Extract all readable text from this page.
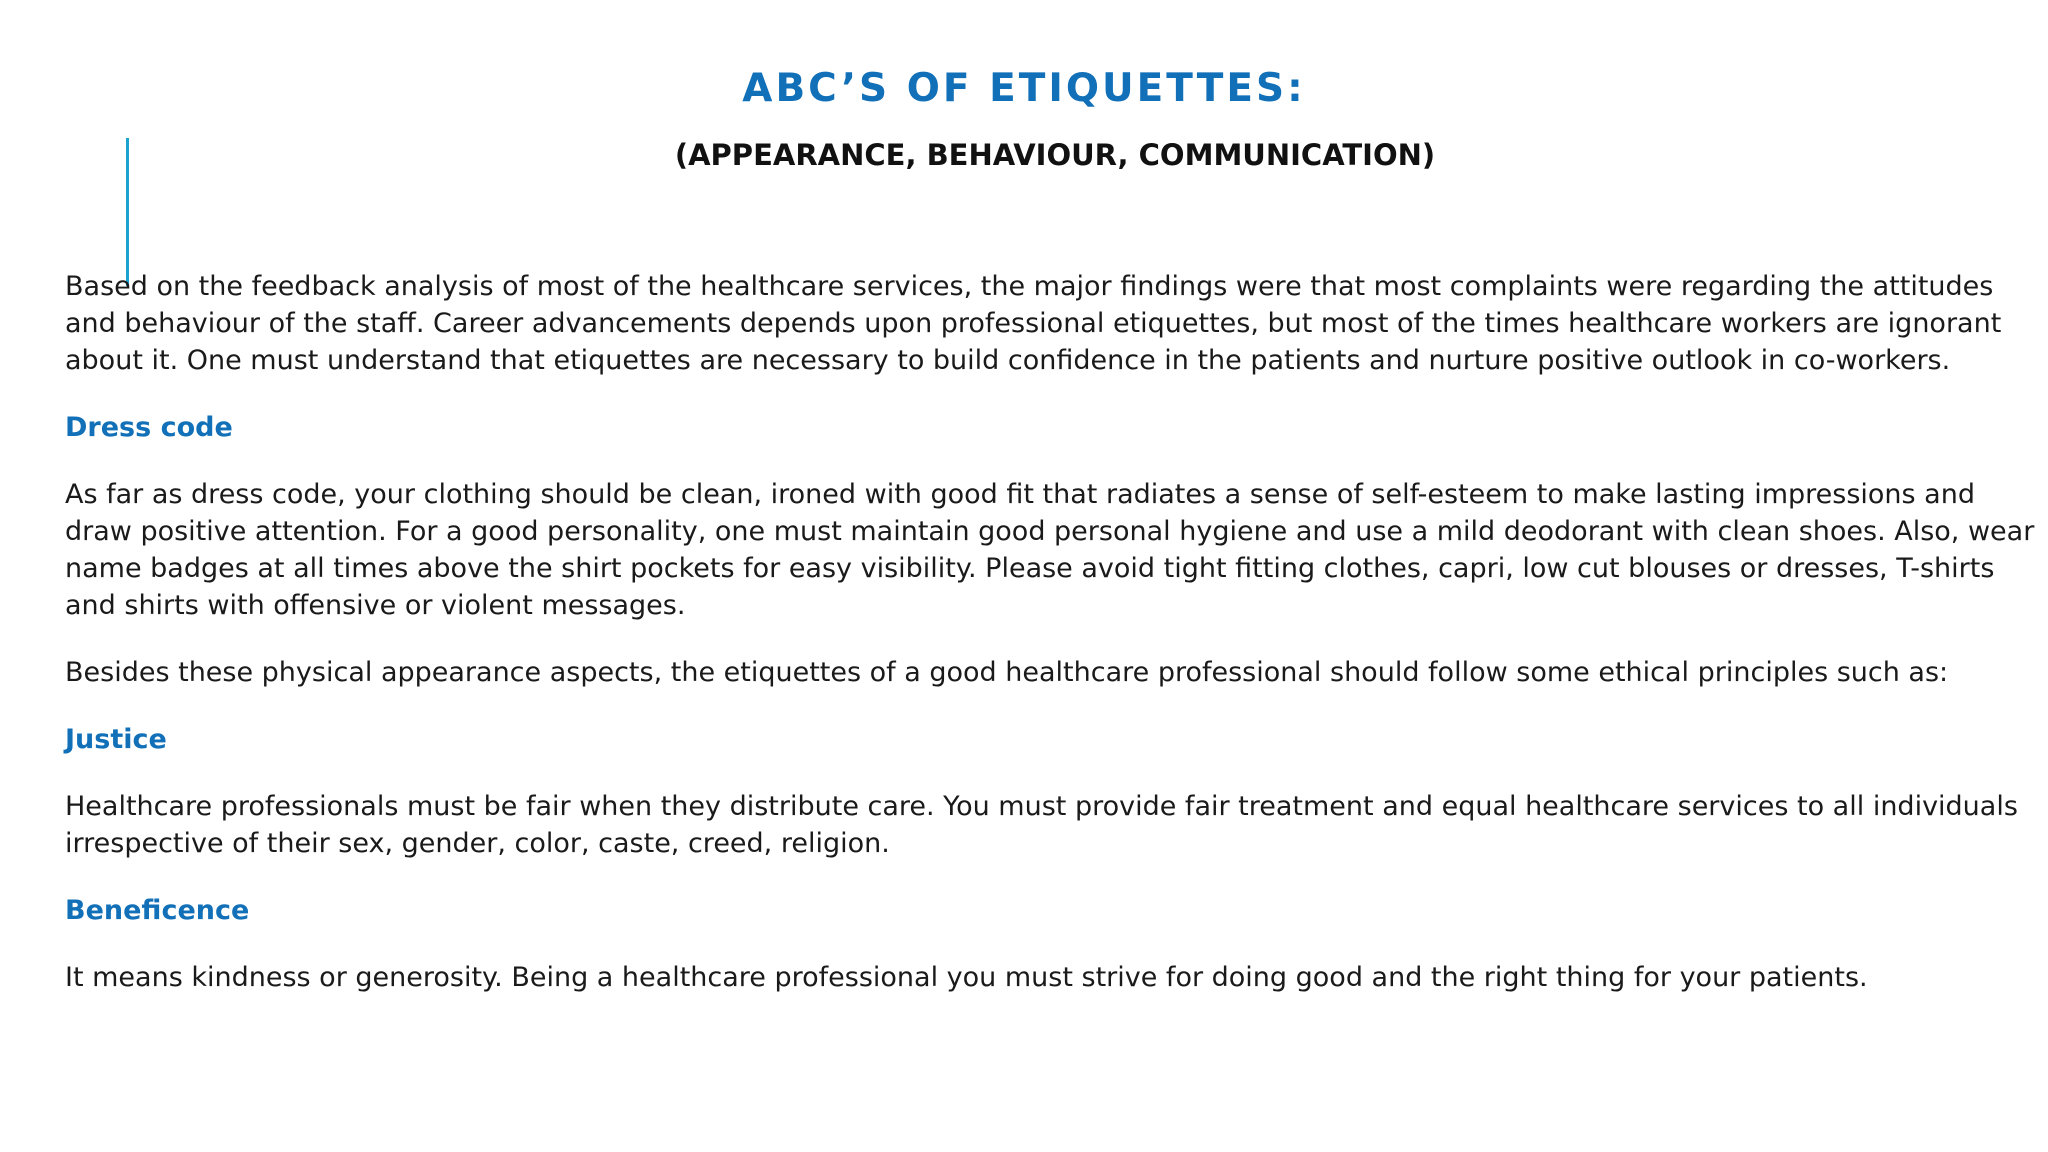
ABC’S OF ETIQUETTES:
(APPEARANCE, BEHAVIOUR, COMMUNICATION)

Based on the feedback analysis of most of the healthcare services, the major findings were that most complaints were regarding the attitudes and behaviour of the staff. Career advancements depends upon professional etiquettes, but most of the times healthcare workers are ignorant about it. One must understand that etiquettes are necessary to build confidence in the patients and nurture positive outlook in co-workers.

Dress code

As far as dress code, your clothing should be clean, ironed with good fit that radiates a sense of self-esteem to make lasting impressions and draw positive attention. For a good personality, one must maintain good personal hygiene and use a mild deodorant with clean shoes. Also, wear name badges at all times above the shirt pockets for easy visibility. Please avoid tight fitting clothes, capri, low cut blouses or dresses, T-shirts and shirts with offensive or violent messages.

Besides these physical appearance aspects, the etiquettes of a good healthcare professional should follow some ethical principles such as:

Justice

Healthcare professionals must be fair when they distribute care. You must provide fair treatment and equal healthcare services to all individuals irrespective of their sex, gender, color, caste, creed, religion.

Beneficence

It means kindness or generosity. Being a healthcare professional you must strive for doing good and the right thing for your patients.
